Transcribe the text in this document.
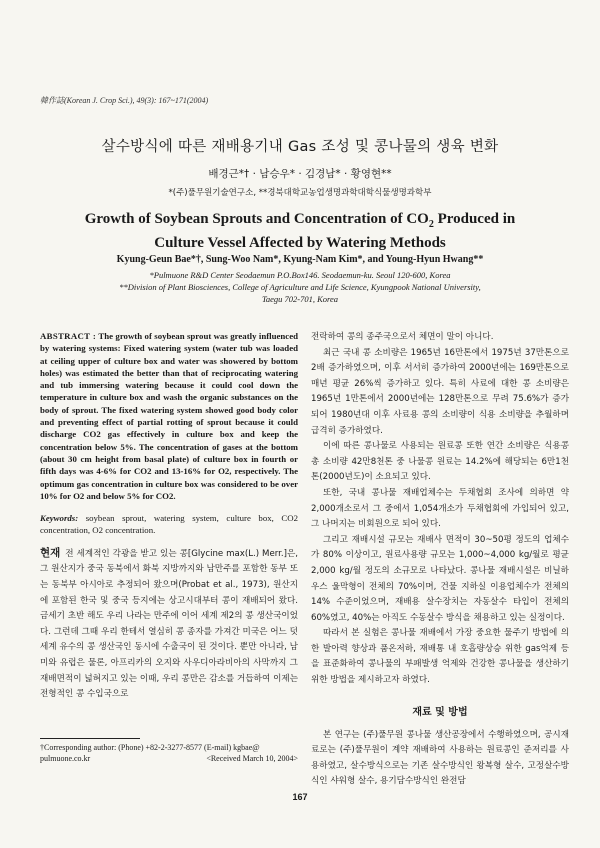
韓作誌(Korean J. Crop Sci.), 49(3): 167~171(2004)
살수방식에 따른 재배용기내 Gas 조성 및 콩나물의 생육 변화
배경근*† · 남승우* · 김경남* · 황영현**
*(주)풀무원기술연구소, **경북대학교농업생명과학대학식물생명과학부
Growth of Soybean Sprouts and Concentration of $CO_2$ Produced in
Culture Vessel Affected by Watering Methods
Kyung-Geun Bae*†, Sung-Woo Nam*, Kyung-Nam Kim*, and Young-Hyun Hwang**
*Pulmuone R&D Center Seodaemun P.O.Box146. Seodaemun-ku. Seoul 120-600, Korea
**Division of Plant Biosciences, College of Agriculture and Life Science, Kyungpook National University,
Taegu 702-701, Korea
ABSTRACT : The growth of soybean sprout was greatly influenced by watering systems: Fixed watering system (water tub was loaded at ceiling upper of culture box and water was showered by bottom holes) was estimated the better than that of reciprocating watering and tub immersing watering because it could cool down the temperature in culture box and wash the organic substances on the body of sprout. The fixed watering system showed good body color and preventing effect of partial rotting of sprout because it could discharge CO2 gas effectively in culture box and keep the concentration below 5%. The concentration of gases at the bottom (about 30 cm height from basal plate) of culture box in fourth or fifth days was 4-6% for CO2 and 13-16% for O2, respectively. The optimum gas concentration in culture box was considered to be over 10% for O2 and below 5% for CO2.
Keywords: soybean sprout, watering system, culture box, CO2 concentration, O2 concentration.
현재 전 세계적인 각광을 받고 있는 콩[Glycine max(L.) Merr.]은, 그 원산지가 중국 동북에서 화북 지방까지와 남만주를 포함한 동부 또는 동북부 아시아로 추정되어 왔으며(Probat et al., 1973), 원산지에 포함된 한국 및 중국 등지에는 상고시대부터 콩이 재배되어 왔다. 금세기 초반 해도 우리 나라는 만주에 이어 세계 제2의 콩 생산국이었다. 그런데 그때 우리 한테서 열심히 콩 종자를 가져간 미국은 어느 덧 세계 유수의 콩 생산국인 동시에 수출국이 된 것이다. 뿐만 아니라, 남미와 유럽은 물론, 아프리카의 오지와 사우디아라비아의 사막까지 그 재배면적이 넓혀지고 있는 이때, 우리 콩만은 감소를 거듭하여 이제는 전형적인 콩 수입국으로

전락하여 콩의 종주국으로서 체면이 말이 아니다.

최근 국내 콩 소비량은 1965년 16만톤에서 1975년 37만톤으로 2배 증가하였으며, 이후 서서히 증가하여 2000년에는 169만톤으로 매년 평균 26%씩 증가하고 있다. 특히 사료에 대한 콩 소비량은 1965년 1만톤에서 2000년에는 128만톤으로 무려 75.6%가 증가되어 1980년대 이후 사료용 콩의 소비량이 식용 소비량을 추월하며 급격히 증가하였다.

이에 따른 콩나물로 사용되는 원료콩 또한 연간 소비량은 식용콩 총 소비량 42만8천톤 중 나물콩 원료는 14.2%에 해당되는 6만1천톤(2000년도)이 소요되고 있다.

또한, 국내 콩나물 재배업체수는 두채협회 조사에 의하면 약 2,000개소로서 그 중에서 1,054개소가 두채협회에 가입되어 있고, 그 나머지는 비회원으로 되어 있다.

그리고 재배시설 규모는 재배사 면적이 30~50평 정도의 업체수가 80% 이상이고, 원료사용량 규모는 1,000~4,000 kg/월로 평균 2,000 kg/월 정도의 소규모로 나타났다. 콩나물 재배시설은 비닐하우스 울막형이 전체의 70%이며, 건물 지하실 이용업체수가 전체의 14% 수준이었으며, 재배용 살수장치는 자동살수 타입이 전체의 60%였고, 40%는 아직도 수동살수 방식을 채용하고 있는 실정이다.

따라서 본 실험은 콩나물 재배에서 가장 중요한 물주기 방법에 의한 발아력 향상과 품온저하, 재배통 내 호흡량상승 위한 gas억제 등을 표준화하여 콩나물의 부패발생 억제와 건강한 콩나물을 생산하기 위한 방법을 제시하고자 하였다.

재료 및 방법

본 연구는 (주)풀무원 콩나물 생산공장에서 수행하였으며, 공시재료로는 (주)풀무원이 계약 재배하여 사용하는 원료콩인 준저리를 사용하였고, 살수방식으로는 기존 살수방식인 왕복형 살수, 고정살수방식인 샤워형 살수, 용기담수방식인 완전담

†Corresponding author: (Phone) +82-2-3277-8577 (E-mail) kgbae@
pulmuone.co.kr	<Received March 10, 2004>
167
